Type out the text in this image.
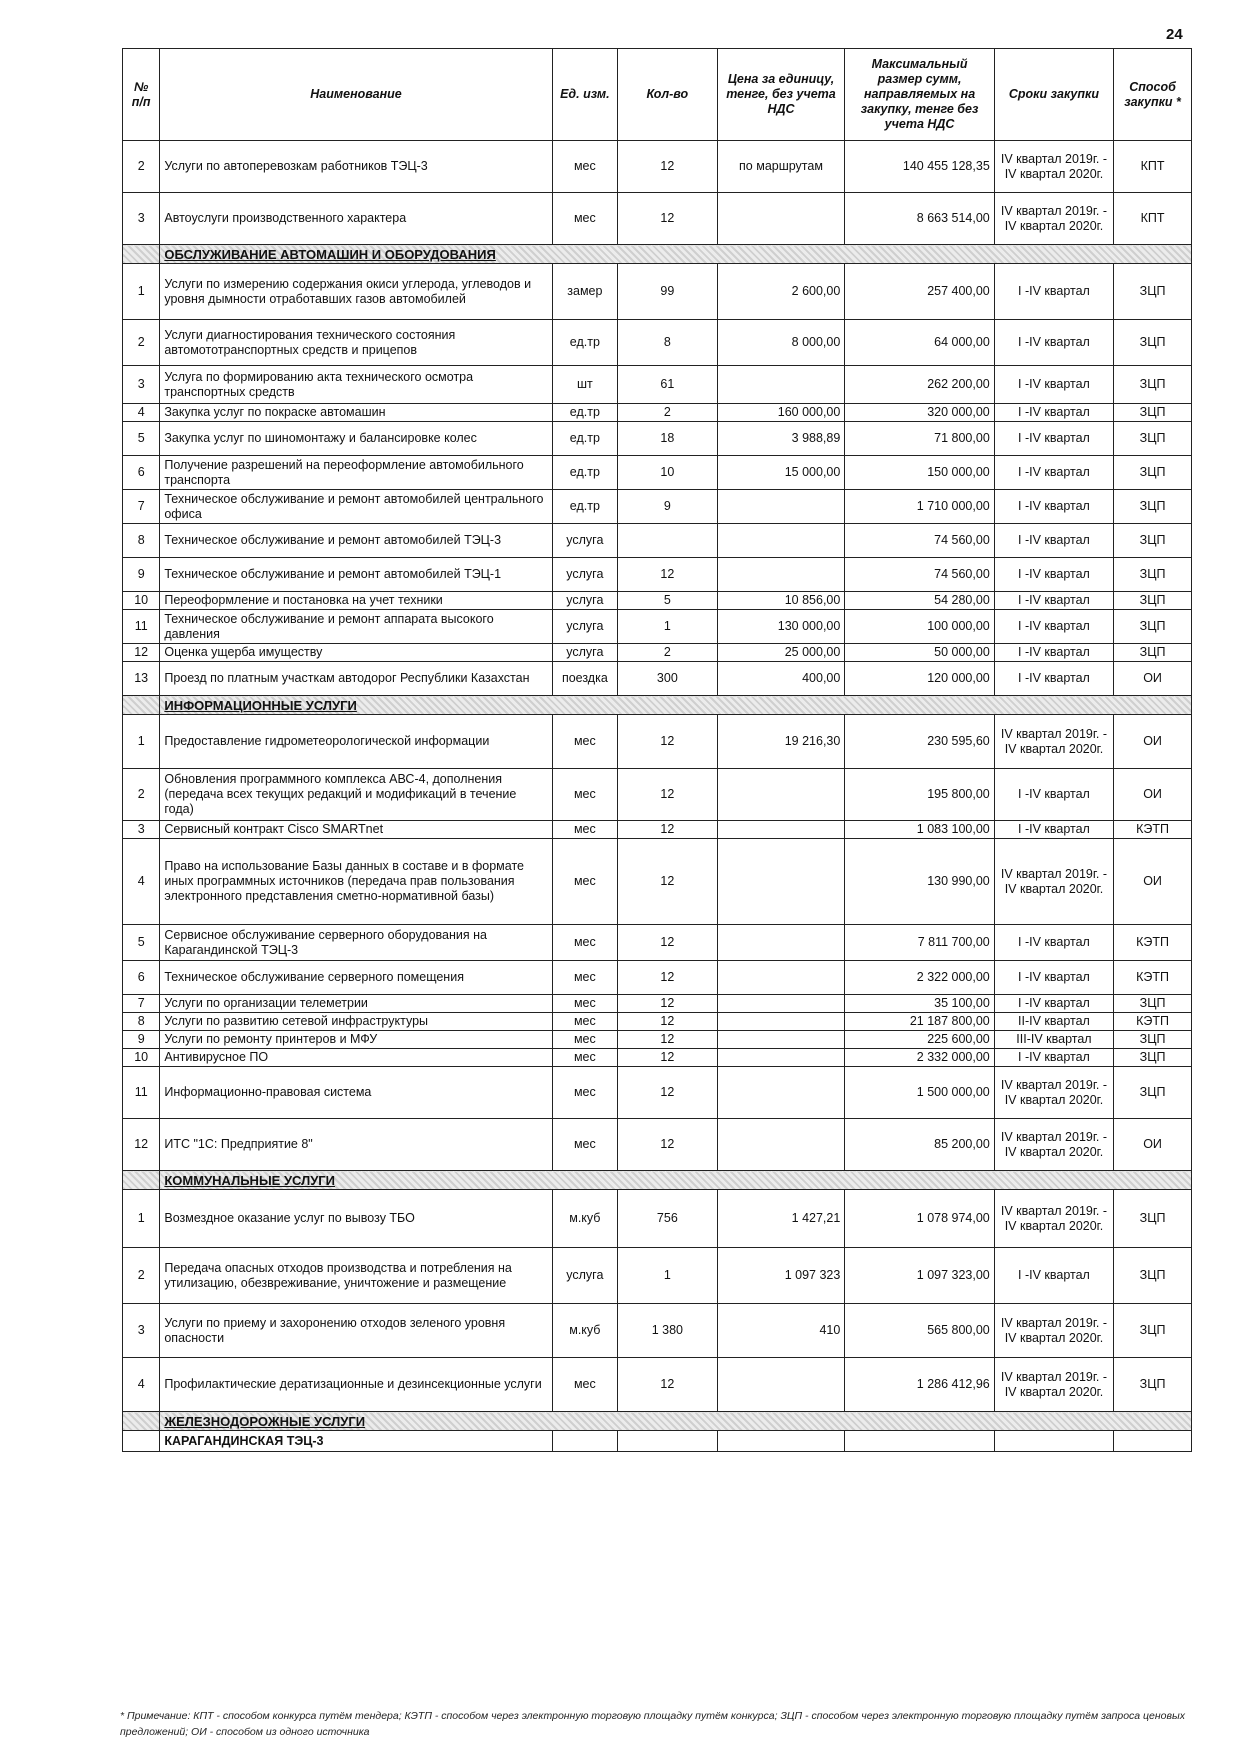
24
№ п/п	Наименование	Ед. изм.	Кол-во	Цена за единицу, тенге, без учета НДС	Максимальный размер сумм, направляемых на закупку, тенге без учета НДС	Сроки закупки	Способ закупки *
2	Услуги по автоперевозкам работников ТЭЦ-3	мес	12	по маршрутам	140 455 128,35	IV квартал 2019г. - IV квартал 2020г.	КПТ
3	Автоуслуги производственного характера	мес	12		8 663 514,00	IV квартал 2019г. - IV квартал 2020г.	КПТ
	ОБСЛУЖИВАНИЕ АВТОМАШИН И ОБОРУДОВАНИЯ						
1	Услуги по измерению содержания окиси углерода, углеводов и уровня дымности отработавших газов автомобилей	замер	99	2 600,00	257 400,00	I -IV квартал	ЗЦП
2	Услуги диагностирования технического состояния автомототранспортных средств и прицепов	ед.тр	8	8 000,00	64 000,00	I -IV квартал	ЗЦП
3	Услуга по формированию акта технического осмотра транспортных средств	шт	61		262 200,00	I -IV квартал	ЗЦП
4	Закупка услуг по покраске автомашин	ед.тр	2	160 000,00	320 000,00	I -IV квартал	ЗЦП
5	Закупка услуг по шиномонтажу и балансировке колес	ед.тр	18	3 988,89	71 800,00	I -IV квартал	ЗЦП
6	Получение разрешений на переоформление автомобильного транспорта	ед.тр	10	15 000,00	150 000,00	I -IV квартал	ЗЦП
7	Техническое обслуживание и ремонт автомобилей центрального офиса	ед.тр	9		1 710 000,00	I -IV квартал	ЗЦП
8	Техническое обслуживание и ремонт автомобилей ТЭЦ-3	услуга			74 560,00	I -IV квартал	ЗЦП
9	Техническое обслуживание и ремонт автомобилей ТЭЦ-1	услуга	12		74 560,00	I -IV квартал	ЗЦП
10	Переоформление и постановка на учет техники	услуга	5	10 856,00	54 280,00	I -IV квартал	ЗЦП
11	Техническое обслуживание и ремонт аппарата высокого давления	услуга	1	130 000,00	100 000,00	I -IV квартал	ЗЦП
12	Оценка ущерба имуществу	услуга	2	25 000,00	50 000,00	I -IV квартал	ЗЦП
13	Проезд по платным участкам автодорог Республики Казахстан	поездка	300	400,00	120 000,00	I -IV квартал	ОИ
	ИНФОРМАЦИОННЫЕ УСЛУГИ						
1	Предоставление гидрометеорологической информации	мес	12	19 216,30	230 595,60	IV квартал 2019г. - IV квартал 2020г.	ОИ
2	Обновления программного комплекса АВС-4, дополнения (передача всех текущих редакций и модификаций в течение года)	мес	12		195 800,00	I -IV квартал	ОИ
3	Сервисный контракт Cisco SMARTnet	мес	12		1 083 100,00	I -IV квартал	КЭТП
4	Право на использование Базы данных в составе и в формате иных программных источников (передача прав пользования электронного представления сметно-нормативной базы)	мес	12		130 990,00	IV квартал 2019г. - IV квартал 2020г.	ОИ
5	Сервисное обслуживание серверного оборудования на Карагандинской ТЭЦ-3	мес	12		7 811 700,00	I -IV квартал	КЭТП
6	Техническое обслуживание серверного помещения	мес	12		2 322 000,00	I -IV квартал	КЭТП
7	Услуги по организации телеметрии	мес	12		35 100,00	I -IV квартал	ЗЦП
8	Услуги по развитию сетевой инфраструктуры	мес	12		21 187 800,00	II-IV квартал	КЭТП
9	Услуги по ремонту принтеров и МФУ	мес	12		225 600,00	III-IV квартал	ЗЦП
10	Антивирусное ПО	мес	12		2 332 000,00	I -IV квартал	ЗЦП
11	Информационно-правовая система	мес	12		1 500 000,00	IV квартал 2019г. - IV квартал 2020г.	ЗЦП
12	ИТС "1С: Предприятие 8"	мес	12		85 200,00	IV квартал 2019г. - IV квартал 2020г.	ОИ
	КОММУНАЛЬНЫЕ УСЛУГИ						
1	Возмездное оказание услуг по вывозу ТБО	м.куб	756	1 427,21	1 078 974,00	IV квартал 2019г. - IV квартал 2020г.	ЗЦП
2	Передача опасных отходов производства и потребления на утилизацию, обезвреживание, уничтожение и размещение	услуга	1	1 097 323	1 097 323,00	I -IV квартал	ЗЦП
3	Услуги по приему и захоронению отходов зеленого уровня опасности	м.куб	1 380	410	565 800,00	IV квартал 2019г. - IV квартал 2020г.	ЗЦП
4	Профилактические дератизационные и дезинсекционные услуги	мес	12		1 286 412,96	IV квартал 2019г. - IV квартал 2020г.	ЗЦП
	ЖЕЛЕЗНОДОРОЖНЫЕ УСЛУГИ						
	КАРАГАНДИНСКАЯ ТЭЦ-3						
* Примечание: КПТ - способом конкурса путём тендера; КЭТП - способом через электронную торговую площадку путём конкурса; ЗЦП - способом через электронную торговую площадку путём запроса ценовых предложений; ОИ - способом из одного источника
